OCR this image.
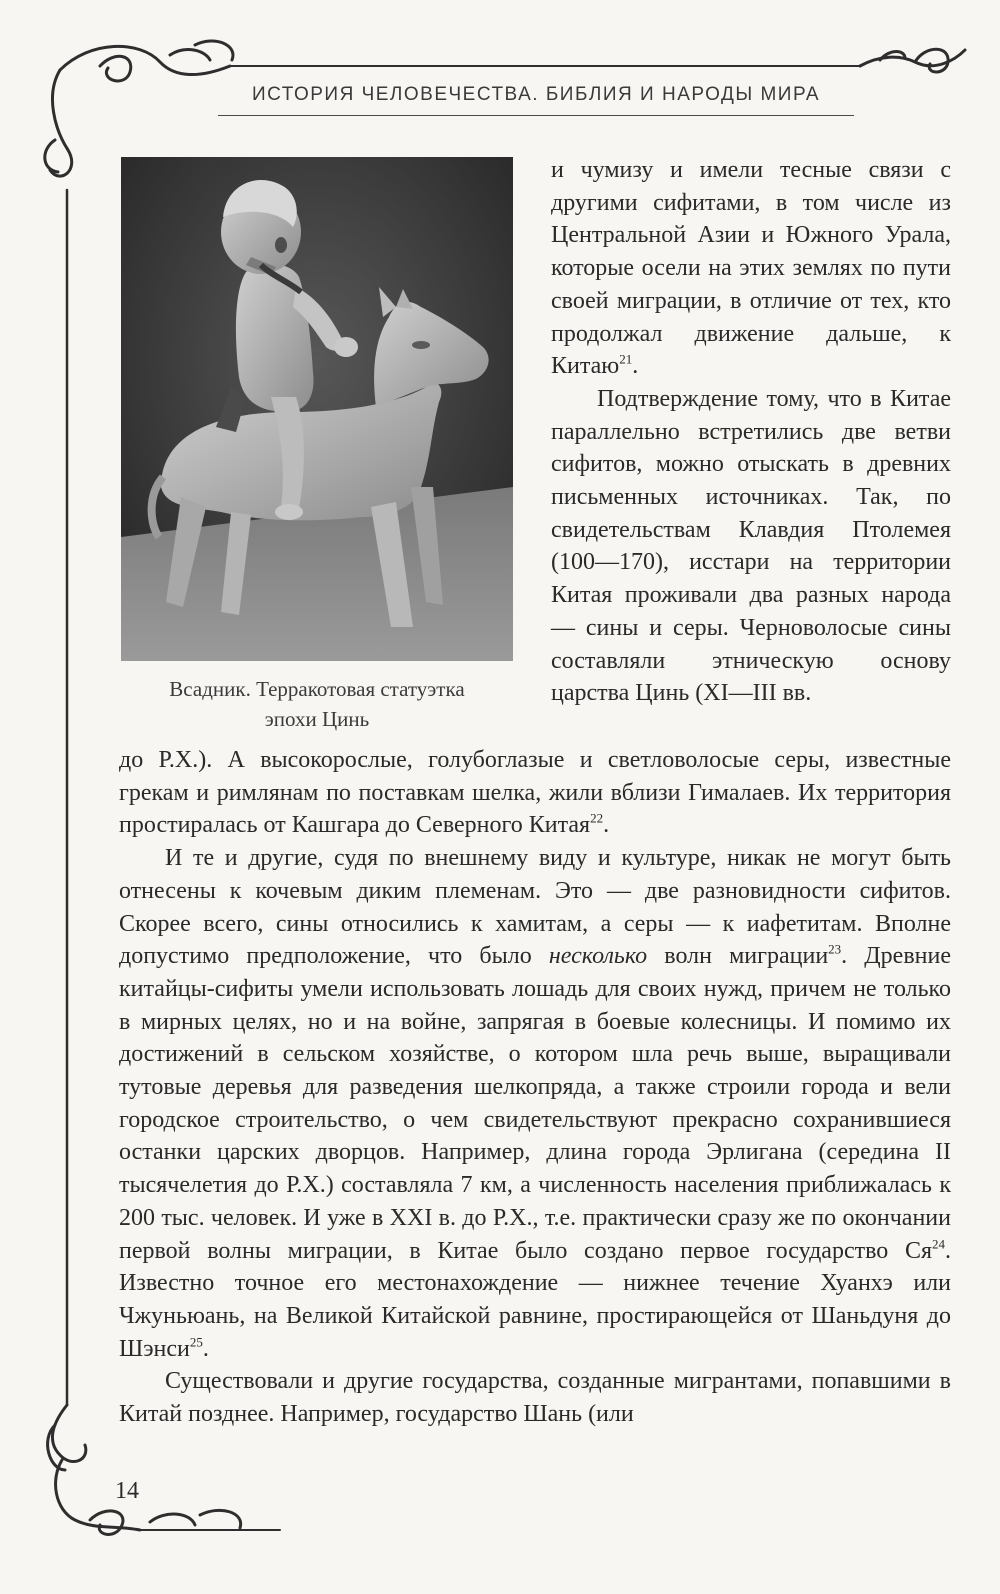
ИСТОРИЯ ЧЕЛОВЕЧЕСТВА. БИБЛИЯ И НАРОДЫ МИРА
Всадник. Терракотовая статуэтка
эпохи Цинь

и чумизу и имели тесные связи с другими сифитами, в том числе из Центральной Азии и Южного Урала, которые осели на этих землях по пути своей миграции, в отличие от тех, кто продолжал движение дальше, к Китаю$^{21}$.

Подтверждение тому, что в Китае параллельно встретились две ветви сифитов, можно отыскать в древних письменных источниках. Так, по свидетельствам Клавдия Птолемея (100—170), исстари на территории Китая проживали два разных народа — сины и серы. Черноволосые сины составляли этническую основу царства Цинь (XI—III вв.

до Р.Х.). А высокорослые, голубоглазые и светловолосые серы, известные грекам и римлянам по поставкам шелка, жили вблизи Гималаев. Их территория простиралась от Кашгара до Северного Китая$^{22}$.

И те и другие, судя по внешнему виду и культуре, никак не могут быть отнесены к кочевым диким племенам. Это — две разновидности сифитов. Скорее всего, сины относились к хамитам, а серы — к иафетитам. Вполне допустимо предположение, что было несколько волн миграции$^{23}$. Древние китайцы-сифиты умели использовать лошадь для своих нужд, причем не только в мирных целях, но и на войне, запрягая в боевые колесницы. И помимо их достижений в сельском хозяйстве, о котором шла речь выше, выращивали тутовые деревья для разведения шелкопряда, а также строили города и вели городское строительство, о чем свидетельствуют прекрасно сохранившиеся останки царских дворцов. Например, длина города Эрлигана (середина II тысячелетия до Р.Х.) составляла 7 км, а численность населения приближалась к 200 тыс. человек. И уже в XXI в. до Р.Х., т.е. практически сразу же по окончании первой волны миграции, в Китае было создано первое государство $Ся^{24}$. Известно точное его местонахождение — нижнее течение Хуанхэ или Чжуньюань, на Великой Китайской равнине, простирающейся от Шаньдуня до Шэнси$^{25}$.

Существовали и другие государства, созданные мигрантами, попавшими в Китай позднее. Например, государство Шань (или

14
